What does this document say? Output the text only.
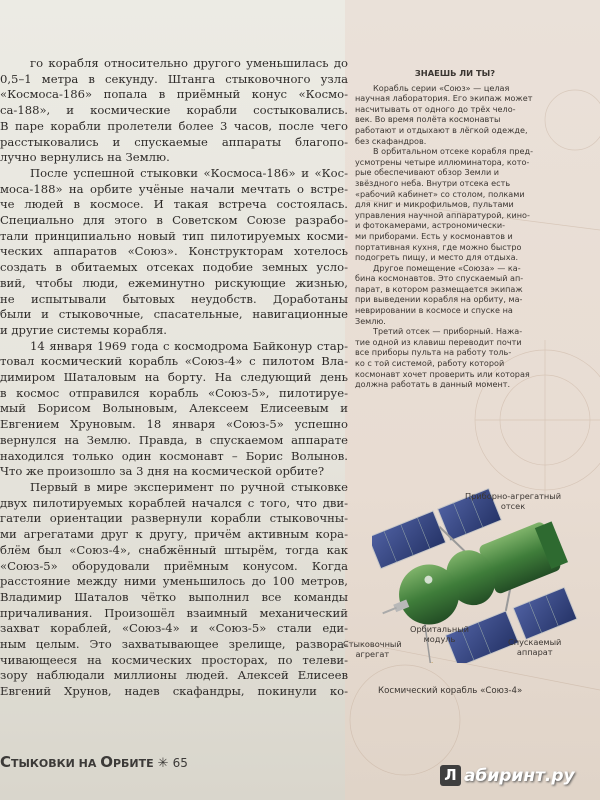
го корабля относительно другого уменьшилась до
0,5–1 метра в секунду. Штанга стыковочного узла
«Космоса-186» попала в приёмный конус «Космо-
са-188», и космические корабли состыковались.
В паре корабли пролетели более 3 часов, после чего
расстыковались и спускаемые аппараты благопо-
лучно вернулись на Землю.
После успешной стыковки «Космоса-186» и «Кос-
моса-188» на орбите учёные начали мечтать о встре-
че людей в космосе. И такая встреча состоялась.
Специально для этого в Советском Союзе разрабо-
тали принципиально новый тип пилотируемых косми-
ческих аппаратов «Союз». Конструкторам хотелось
создать в обитаемых отсеках подобие земных усло-
вий, чтобы люди, ежеминутно рискующие жизнью,
не испытывали бытовых неудобств. Доработаны
были и стыковочные, спасательные, навигационные
и другие системы корабля.
14 января 1969 года с космодрома Байконур стар-
товал космический корабль «Союз-4» с пилотом Вла-
димиром Шаталовым на борту. На следующий день
в космос отправился корабль «Союз-5», пилотируе-
мый Борисом Волыновым, Алексеем Елисеевым и
Евгением Хруновым. 18 января «Союз-5» успешно
вернулся на Землю. Правда, в спускаемом аппарате
находился только один космонавт – Борис Волынов.
Что же произошло за 3 дня на космической орбите?
Первый в мире эксперимент по ручной стыковке
двух пилотируемых кораблей начался с того, что дви-
гатели ориентации развернули корабли стыковочны-
ми агрегатами друг к другу, причём активным кора-
блём был «Союз-4», снабжённый штырём, тогда как
«Союз-5» оборудовали приёмным конусом. Когда
расстояние между ними уменьшилось до 100 метров,
Владимир Шаталов чётко выполнил все команды
причаливания. Произошёл взаимный механический
захват кораблей, «Союз-4» и «Союз-5» стали еди-
ным целым. Это захватывающее зрелище, разворa-
чивающееся на космических просторах, по телеви-
зору наблюдали миллионы людей. Алексей Елисеев
Евгений Хрунов, надев скафандры, покинули ко-
ЗНАЕШЬ ЛИ ТЫ?
Корабль серии «Союз» — целая
научная лаборатория. Его экипаж может
насчитывать от одного до трёх чело-
век. Во время полёта космонавты
работают и отдыхают в лёгкой одежде,
без скафандров.
В орбитальном отсеке корабля пред-
усмотрены четыре иллюминатора, кото-
рые обеспечивают обзор Земли и
звёздного неба. Внутри отсека есть
«рабочий кабинет» со столом, полками
для книг и микрофильмов, пультами
управления научной аппаратурой, кино-
и фотокамерами, астрономически-
ми приборами. Есть у космонавтов и
портативная кухня, где можно быстро
подогреть пищу, и место для отдыха.
Другое помещение «Союза» — ка-
бина космонавтов. Это спускаемый ап-
парат, в котором размещается экипаж
при выведении корабля на орбиту, ма-
неврировании в космосе и спуске на
Землю.
Третий отсек — приборный. Нажа-
тие одной из клавиш переводит почти
все приборы пульта на работу толь-
ко с той системой, работу которой
космонавт хочет проверить или которая
должна работать в данный момент.
Приборно-агрегатный
отсек
Стыковочный
агрегат
Орбитальный
модуль	Спускаемый
аппарат
Космический корабль «Союз-4»
СТЫКОВКИ НА ОРБИТЕ ✳ 65
Л абиринт.ру
